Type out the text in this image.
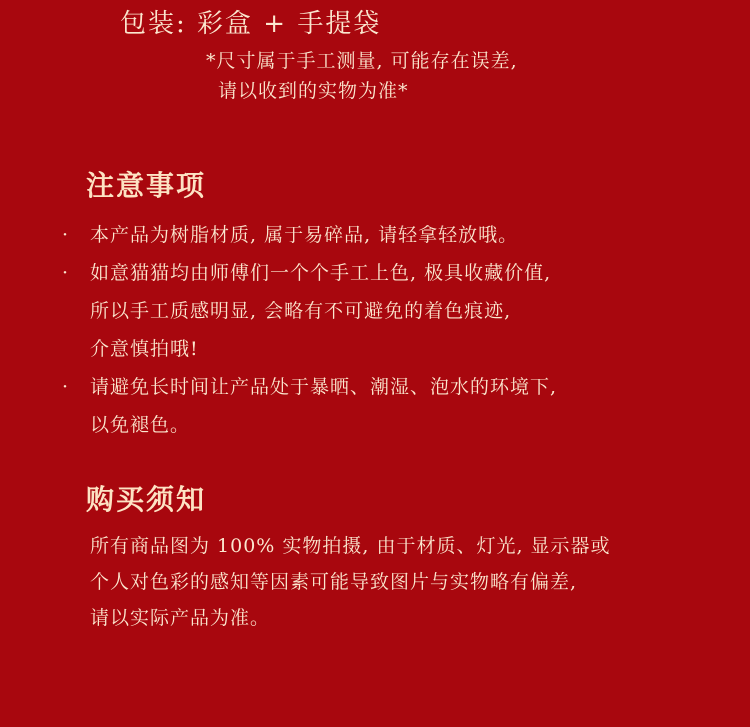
包装: 彩盒 + 手提袋
*尺寸属于手工测量, 可能存在误差,
请以收到的实物为准*
注意事项
·	本产品为树脂材质, 属于易碎品, 请轻拿轻放哦。
·	如意猫猫均由师傅们一个个手工上色, 极具收藏价值,
所以手工质感明显, 会略有不可避免的着色痕迹,
介意慎拍哦!
·	请避免长时间让产品处于暴晒、潮湿、泡水的环境下,
以免褪色。
购买须知
所有商品图为 100% 实物拍摄, 由于材质、灯光, 显示器或
个人对色彩的感知等因素可能导致图片与实物略有偏差,
请以实际产品为准。
